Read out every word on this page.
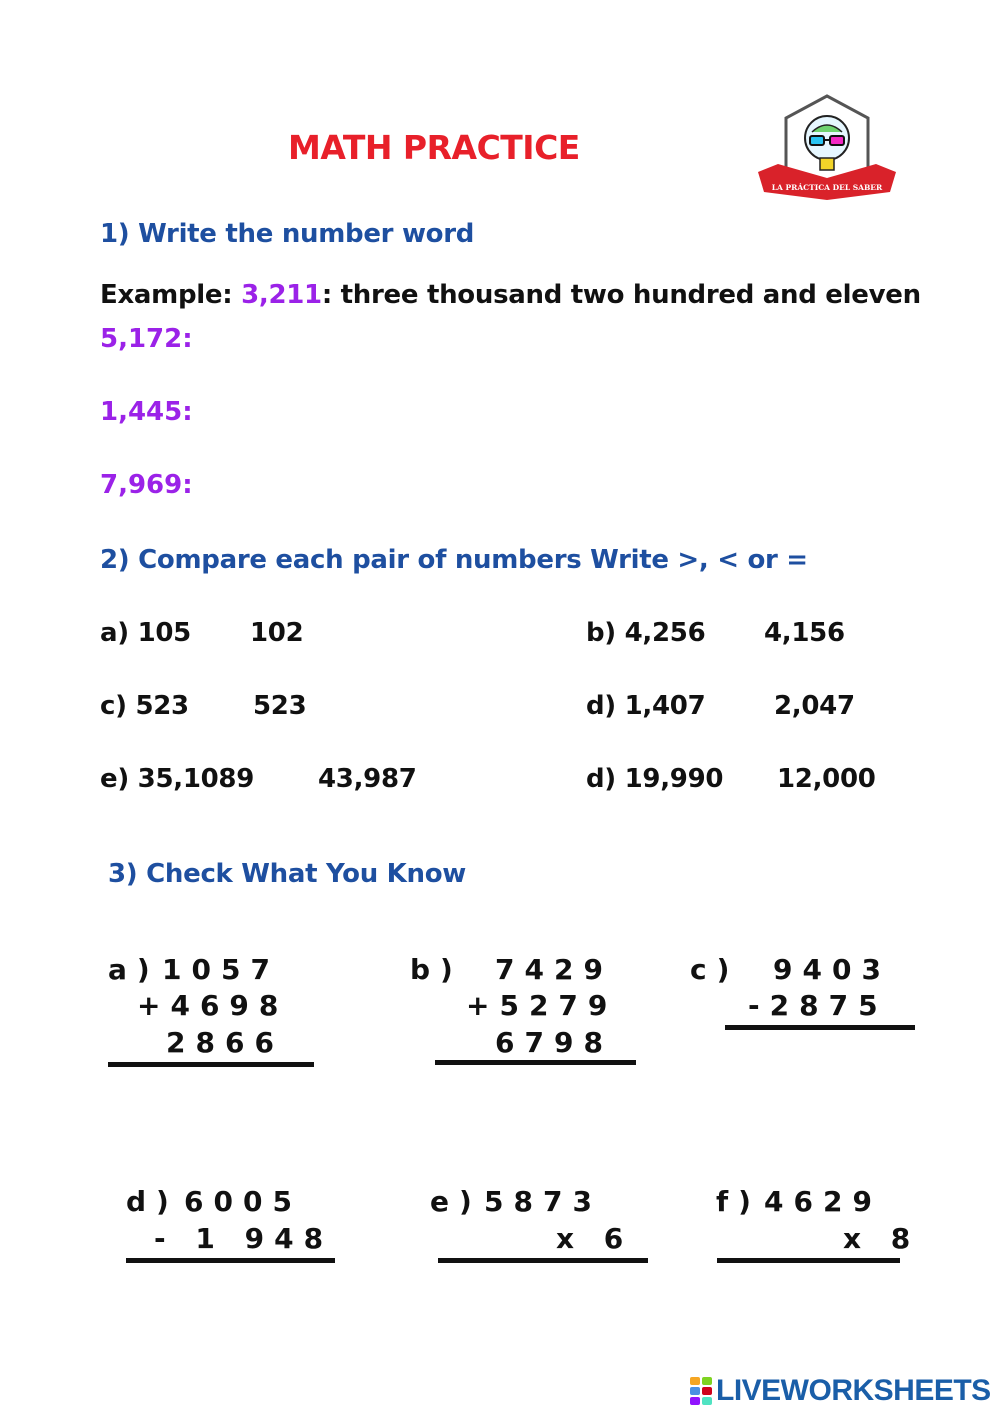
MATH PRACTICE
LA PRÁCTICA DEL SABER
1) Write the number word
Example: 3,211: three thousand two hundred and eleven
5,172:
1,445:
7,969:
2) Compare each pair of numbers Write >, < or =
a) 105 102	b) 4,256 4,156
c) 523 523	d) 1,407	2,047
e) 35,1089 43,987	d) 19,990 12,000
3) Check What You Know
a) 1057
+4698
2866
b) 7429
+5279
6798
c) 9403
-2875
d) 6005
- 1 948
e) 5873
x 6
f) 4629
x 8
LIVEWORKSHEETS
